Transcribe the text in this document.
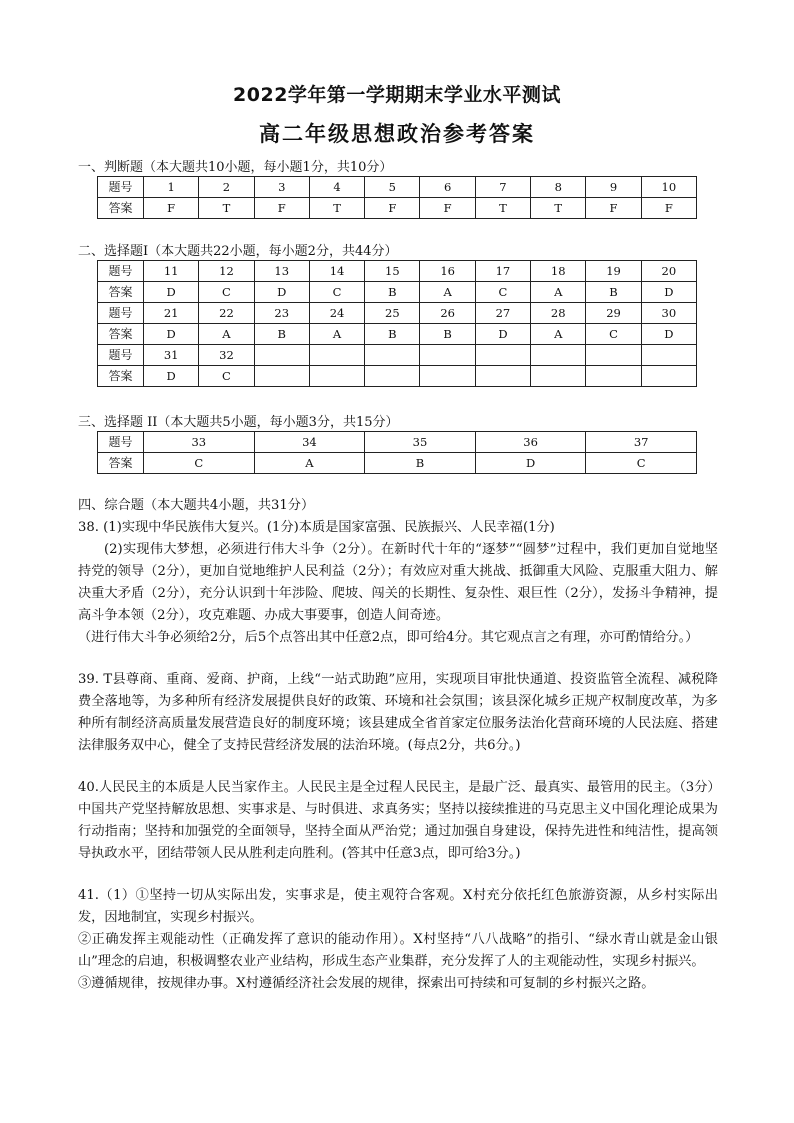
2022学年第一学期期末学业水平测试
高二年级思想政治参考答案
一、判断题（本大题共10小题，每小题1分，共10分）
题号	1	2	3	4	5	6	7	8	9	10
答案	F	T	F	T	F	F	T	T	F	F
二、选择题Ⅰ（本大题共22小题，每小题2分，共44分）
题号	11	12	13	14	15	16	17	18	19	20
答案	D	C	D	C	B	A	C	A	B	D
题号	21	22	23	24	25	26	27	28	29	30
答案	D	A	B	A	B	B	D	A	C	D
题号	31	32								
答案	D	C								
三、选择题 II（本大题共5小题，每小题3分，共15分）
题号	33	34	35	36	37
答案	C	A	B	D	C

四、综合题（本大题共4小题，共31分）

38. (1)实现中华民族伟大复兴。(1分)本质是国家富强、民族振兴、人民幸福(1分)

(2)实现伟大梦想，必须进行伟大斗争（2分）。在新时代十年的“逐梦”“圆梦”过程中，我们更加自觉地坚持党的领导（2分），更加自觉地维护人民利益（2分）；有效应对重大挑战、抵御重大风险、克服重大阻力、解决重大矛盾（2分），充分认识到十年涉险、爬坡、闯关的长期性、复杂性、艰巨性（2分），发扬斗争精神，提高斗争本领（2分），攻克难题、办成大事要事，创造人间奇迹。

（进行伟大斗争必须给2分，后5个点答出其中任意2点，即可给4分。其它观点言之有理，亦可酌情给分。）

39. T县尊商、重商、爱商、护商，上线“一站式助跑”应用，实现项目审批快通道、投资监管全流程、减税降费全落地等，为多种所有经济发展提供良好的政策、环境和社会氛围；该县深化城乡正规产权制度改革，为多种所有制经济高质量发展营造良好的制度环境；该县建成全省首家定位服务法治化营商环境的人民法庭、搭建法律服务双中心，健全了支持民营经济发展的法治环境。(每点2分，共6分。)

40.人民民主的本质是人民当家作主。人民民主是全过程人民民主，是最广泛、最真实、最管用的民主。（3分）

中国共产党坚持解放思想、实事求是、与时俱进、求真务实；坚持以接续推进的马克思主义中国化理论成果为行动指南；坚持和加强党的全面领导，坚持全面从严治党；通过加强自身建设，保持先进性和纯洁性，提高领导执政水平，团结带领人民从胜利走向胜利。(答其中任意3点，即可给3分。)

41.（1）①坚持一切从实际出发，实事求是，使主观符合客观。X村充分依托红色旅游资源，从乡村实际出发，因地制宜，实现乡村振兴。

②正确发挥主观能动性（正确发挥了意识的能动作用）。X村坚持“八八战略”的指引、“绿水青山就是金山银山”理念的启迪，积极调整农业产业结构，形成生态产业集群，充分发挥了人的主观能动性，实现乡村振兴。

③遵循规律，按规律办事。X村遵循经济社会发展的规律，探索出可持续和可复制的乡村振兴之路。
